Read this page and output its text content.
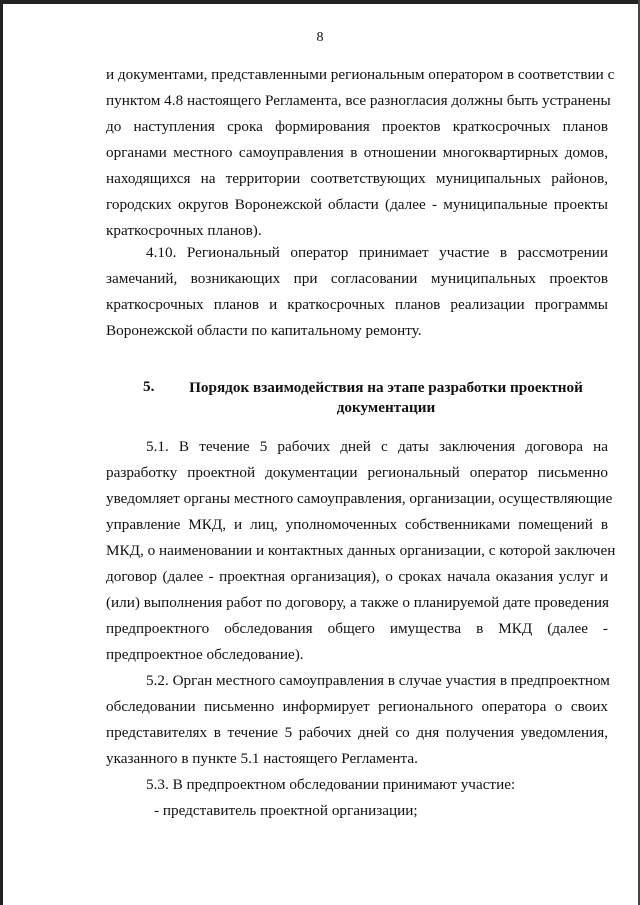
8
и документами, представленными региональным оператором в соответствии с
пунктом 4.8 настоящего Регламента, все разногласия должны быть устранены
до наступления срока формирования проектов краткосрочных планов
органами местного самоуправления в отношении многоквартирных домов,
находящихся на территории соответствующих муниципальных районов,
городских округов Воронежской области (далее - муниципальные проекты
краткосрочных планов).
4.10. Региональный оператор принимает участие в рассмотрении
замечаний, возникающих при согласовании муниципальных проектов
краткосрочных планов и краткосрочных планов реализации программы
Воронежской области по капитальному ремонту.
5.	Порядок взаимодействия на этапе разработки проектной
документации
5.1. В течение 5 рабочих дней с даты заключения договора на
разработку проектной документации региональный оператор письменно
уведомляет органы местного самоуправления, организации, осуществляющие
управление МКД, и лиц, уполномоченных собственниками помещений в
МКД, о наименовании и контактных данных организации, с которой заключен
договор (далее - проектная организация), о сроках начала оказания услуг и
(или) выполнения работ по договору, а также о планируемой дате проведения
предпроектного обследования общего имущества в МКД (далее -
предпроектное обследование).
5.2. Орган местного самоуправления в случае участия в предпроектном
обследовании письменно информирует регионального оператора о своих
представителях в течение 5 рабочих дней со дня получения уведомления,
указанного в пункте 5.1 настоящего Регламента.
5.3. В предпроектном обследовании принимают участие:
- представитель проектной организации;
